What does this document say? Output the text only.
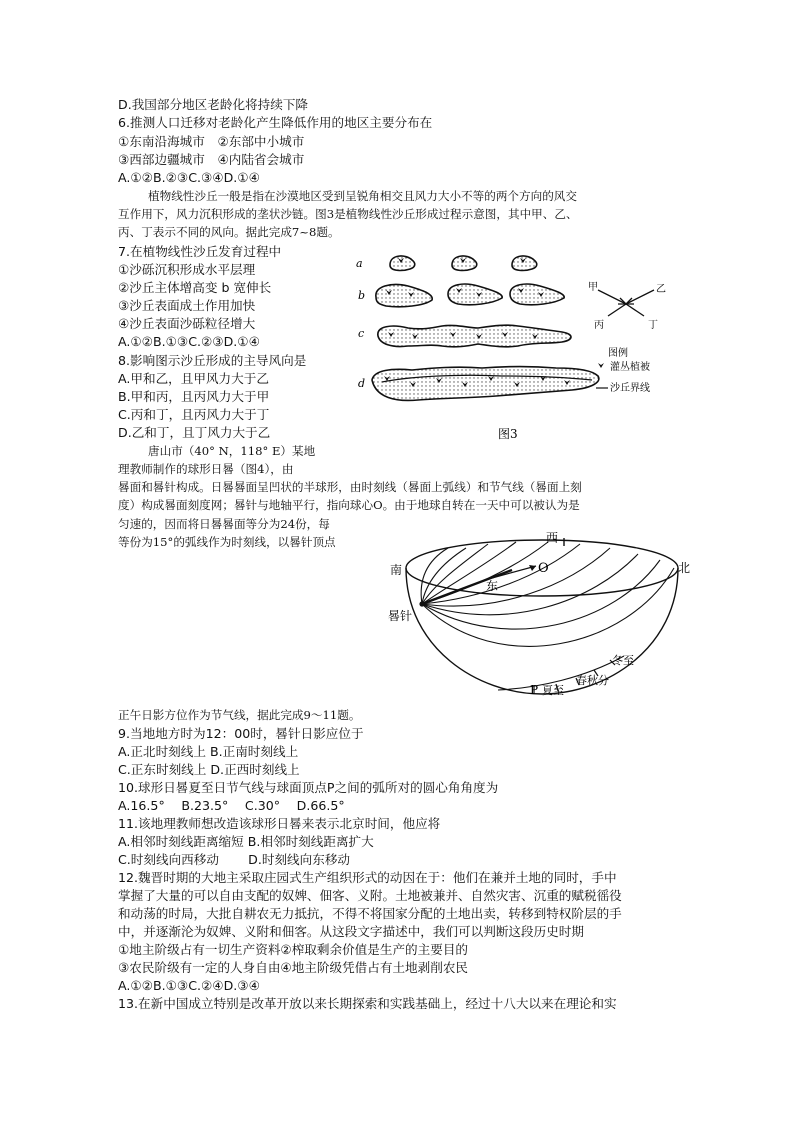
D.我国部分地区老龄化将持续下降
6.推测人口迁移对老龄化产生降低作用的地区主要分布在
①东南沿海城市　②东部中小城市
③西部边疆城市　④内陆省会城市
A.①②B.②③C.③④D.①④
植物线性沙丘一般是指在沙漠地区受到呈锐角相交且风力大小不等的两个方向的风交
互作用下，风力沉积形成的垄状沙链。图3是植物线性沙丘形成过程示意图，其中甲、乙、
丙、丁表示不同的风向。据此完成7~8题。
7.在植物线性沙丘发育过程中
①沙砾沉积形成水平层理
②沙丘主体增高变 b 宽伸长
③沙丘表面成土作用加快
④沙丘表面沙砾粒径增大
A.①②B.①③C.②③D.①④
8.影响图示沙丘形成的主导风向是
A.甲和乙，且甲风力大于乙
B.甲和丙，且丙风力大于甲
C.丙和丁，且丙风力大于丁
D.乙和丁，且丁风力大于乙
唐山市（40° N，118° E）某地
理教师制作的球形日晷（图4），由
晷面和晷针构成。日晷晷面呈凹状的半球形，由时刻线（晷面上弧线）和节气线（晷面上刻
度）构成晷面刻度网；晷针与地轴平行，指向球心O。由于地球自转在一天中可以被认为是
匀速的，因而将日晷晷面等分为24份，每
等份为15°的弧线作为时刻线，以晷针顶点
正午日影方位作为节气线，据此完成9～11题。
9.当地地方时为12：00时，晷针日影应位于
A.正北时刻线上 B.正南时刻线上
C.正东时刻线上 D.正西时刻线上
10.球形日晷夏至日节气线与球面顶点P之间的弧所对的圆心角角度为
A.16.5°　 B.23.5°　 C.30°　 D.66.5°
11.该地理教师想改造该球形日晷来表示北京时间，他应将
A.相邻时刻线距离缩短 B.相邻时刻线距离扩大
C.时刻线向西移动　　 D.时刻线向东移动
12.魏晋时期的大地主采取庄园式生产组织形式的动因在于：他们在兼并土地的同时，手中
掌握了大量的可以自由支配的奴婢、佃客、义附。土地被兼并、自然灾害、沉重的赋税徭役
和动荡的时局，大批自耕农无力抵抗，不得不将国家分配的土地出卖，转移到特权阶层的手
中，并逐渐沦为奴婢、义附和佃客。从这段文字描述中，我们可以判断这段历史时期
①地主阶级占有一切生产资料②榨取剩余价值是生产的主要目的
③农民阶级有一定的人身自由④地主阶级凭借占有土地剥削农民
A.①②B.①③C.②④D.③④
13.在新中国成立特别是改革开放以来长期探索和实践基础上，经过十八大以来在理论和实
a
b
c
d
甲	乙
丙	丁
图例
灌丛植被
沙丘界线
图3
西
南	北
东
O
晷针
P 夏至
春秋分
冬至
